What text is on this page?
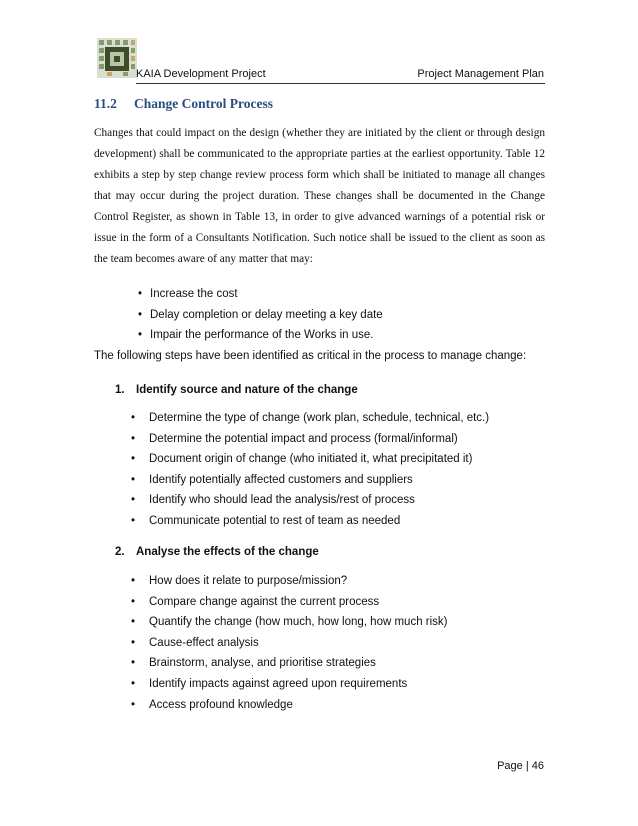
KAIA Development Project	Project Management Plan
11.2 Change Control Process
Changes that could impact on the design (whether they are initiated by the client or through design development) shall be communicated to the appropriate parties at the earliest opportunity. Table 12 exhibits a step by step change review process form which shall be initiated to manage all changes that may occur during the project duration. These changes shall be documented in the Change Control Register, as shown in Table 13, in order to give advanced warnings of a potential risk or issue in the form of a Consultants Notification. Such notice shall be issued to the client as soon as the team becomes aware of any matter that may:
• Increase the cost
• Delay completion or delay meeting a key date
• Impair the performance of the Works in use.
The following steps have been identified as critical in the process to manage change:
1. Identify source and nature of the change
• Determine the type of change (work plan, schedule, technical, etc.)
• Determine the potential impact and process (formal/informal)
• Document origin of change (who initiated it, what precipitated it)
• Identify potentially affected customers and suppliers
• Identify who should lead the analysis/rest of process
• Communicate potential to rest of team as needed
2. Analyse the effects of the change
• How does it relate to purpose/mission?
• Compare change against the current process
• Quantify the change (how much, how long, how much risk)
• Cause-effect analysis
• Brainstorm, analyse, and prioritise strategies
• Identify impacts against agreed upon requirements
• Access profound knowledge
Page | 46
